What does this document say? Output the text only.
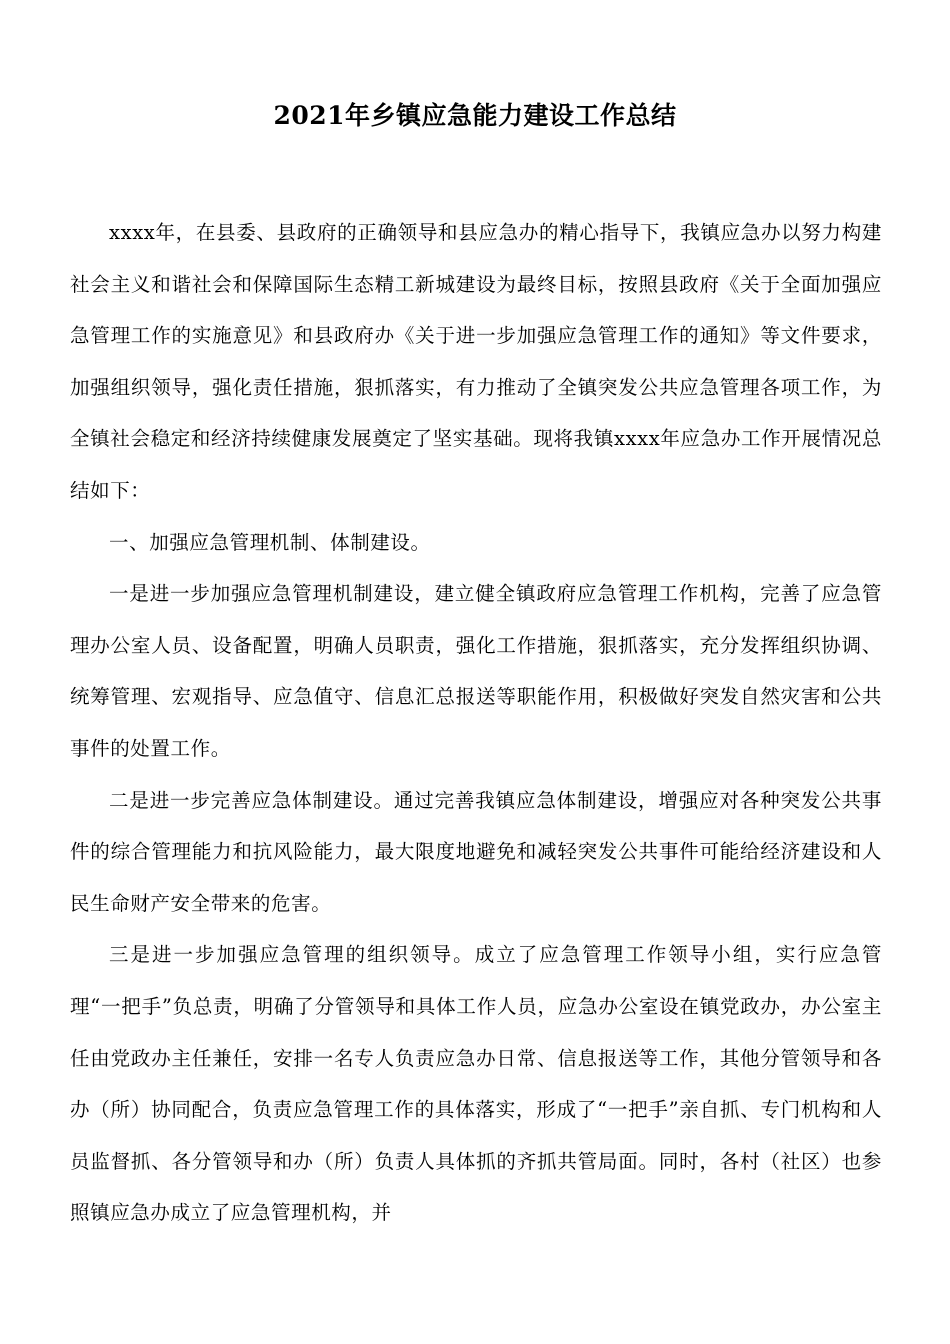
2021年乡镇应急能力建设工作总结

xxxx年，在县委、县政府的正确领导和县应急办的精心指导下，我镇应急办以努力构建社会主义和谐社会和保障国际生态精工新城建设为最终目标，按照县政府《关于全面加强应急管理工作的实施意见》和县政府办《关于进一步加强应急管理工作的通知》等文件要求，加强组织领导，强化责任措施，狠抓落实，有力推动了全镇突发公共应急管理各项工作，为全镇社会稳定和经济持续健康发展奠定了坚实基础。现将我镇xxxx年应急办工作开展情况总结如下：

一、加强应急管理机制、体制建设。

一是进一步加强应急管理机制建设，建立健全镇政府应急管理工作机构，完善了应急管理办公室人员、设备配置，明确人员职责，强化工作措施，狠抓落实，充分发挥组织协调、统筹管理、宏观指导、应急值守、信息汇总报送等职能作用，积极做好突发自然灾害和公共事件的处置工作。

二是进一步完善应急体制建设。通过完善我镇应急体制建设，增强应对各种突发公共事件的综合管理能力和抗风险能力，最大限度地避免和减轻突发公共事件可能给经济建设和人民生命财产安全带来的危害。

三是进一步加强应急管理的组织领导。成立了应急管理工作领导小组，实行应急管理“一把手”负总责，明确了分管领导和具体工作人员，应急办公室设在镇党政办，办公室主任由党政办主任兼任，安排一名专人负责应急办日常、信息报送等工作，其他分管领导和各办（所）协同配合，负责应急管理工作的具体落实，形成了“一把手”亲自抓、专门机构和人员监督抓、各分管领导和办（所）负责人具体抓的齐抓共管局面。同时，各村（社区）也参照镇应急办成立了应急管理机构，并
